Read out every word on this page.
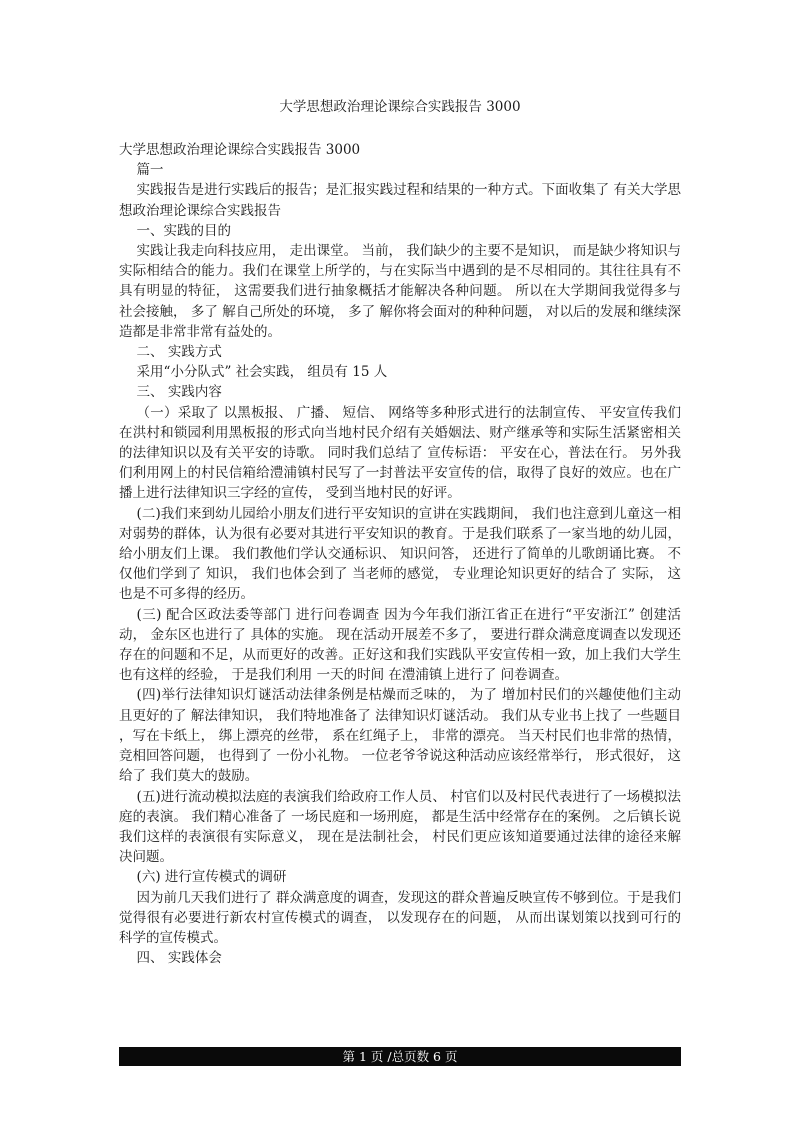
大学思想政治理论课综合实践报告 3000

大学思想政治理论课综合实践报告 3000

篇一

实践报告是进行实践后的报告；是汇报实践过程和结果的一种方式。下面收集了 有关大学思想政治理论课综合实践报告

一、实践的目的

实践让我走向科技应用， 走出课堂。 当前， 我们缺少的主要不是知识， 而是缺少将知识与实际相结合的能力。我们在课堂上所学的，与在实际当中遇到的是不尽相同的。其往往具有不具有明显的特征， 这需要我们进行抽象概括才能解决各种问题。 所以在大学期间我觉得多与社会接触， 多了 解自己所处的环境， 多了 解你将会面对的种种问题， 对以后的发展和继续深造都是非常非常有益处的。

二、 实践方式

采用“小分队式” 社会实践， 组员有 15 人

三、 实践内容

（一）采取了 以黑板报、 广播、 短信、 网络等多种形式进行的法制宣传、 平安宣传我们在洪村和锁园利用黑板报的形式向当地村民介绍有关婚姻法、财产继承等和实际生活紧密相关的法律知识以及有关平安的诗歌。 同时我们总结了 宣传标语： 平安在心，普法在行。 另外我们利用网上的村民信箱给澧浦镇村民写了一封普法平安宣传的信，取得了良好的效应。也在广播上进行法律知识三字经的宣传， 受到当地村民的好评。

(二)我们来到幼儿园给小朋友们进行平安知识的宣讲在实践期间， 我们也注意到儿童这一相对弱势的群体，认为很有必要对其进行平安知识的教育。于是我们联系了一家当地的幼儿园，给小朋友们上课。 我们教他们学认交通标识、 知识问答， 还进行了简单的儿歌朗诵比赛。 不仅他们学到了 知识， 我们也体会到了 当老师的感觉， 专业理论知识更好的结合了 实际， 这也是不可多得的经历。

(三) 配合区政法委等部门 进行问卷调查 因为今年我们浙江省正在进行“平安浙江” 创建活动， 金东区也进行了 具体的实施。 现在活动开展差不多了， 要进行群众满意度调查以发现还存在的问题和不足，从而更好的改善。正好这和我们实践队平安宣传相一致，加上我们大学生也有这样的经验， 于是我们利用 一天的时间 在澧浦镇上进行了 问卷调查。

(四)举行法律知识灯谜活动法律条例是枯燥而乏味的， 为了 增加村民们的兴趣使他们主动且更好的了 解法律知识， 我们特地准备了 法律知识灯谜活动。 我们从专业书上找了 一些题目 ，写在卡纸上， 绑上漂亮的丝带， 系在红绳子上， 非常的漂亮。 当天村民们也非常的热情， 竞相回答问题， 也得到了 一份小礼物。 一位老爷爷说这种活动应该经常举行， 形式很好， 这给了 我们莫大的鼓励。

(五)进行流动模拟法庭的表演我们给政府工作人员、 村官们以及村民代表进行了一场模拟法庭的表演。 我们精心准备了 一场民庭和一场刑庭， 都是生活中经常存在的案例。 之后镇长说我们这样的表演很有实际意义， 现在是法制社会， 村民们更应该知道要通过法律的途径来解决问题。

(六) 进行宣传模式的调研

因为前几天我们进行了 群众满意度的调查，发现这的群众普遍反映宣传不够到位。于是我们觉得很有必要进行新农村宣传模式的调查， 以发现存在的问题， 从而出谋划策以找到可行的科学的宣传模式。

四、 实践体会

第 1 页 /总页数 6 页
